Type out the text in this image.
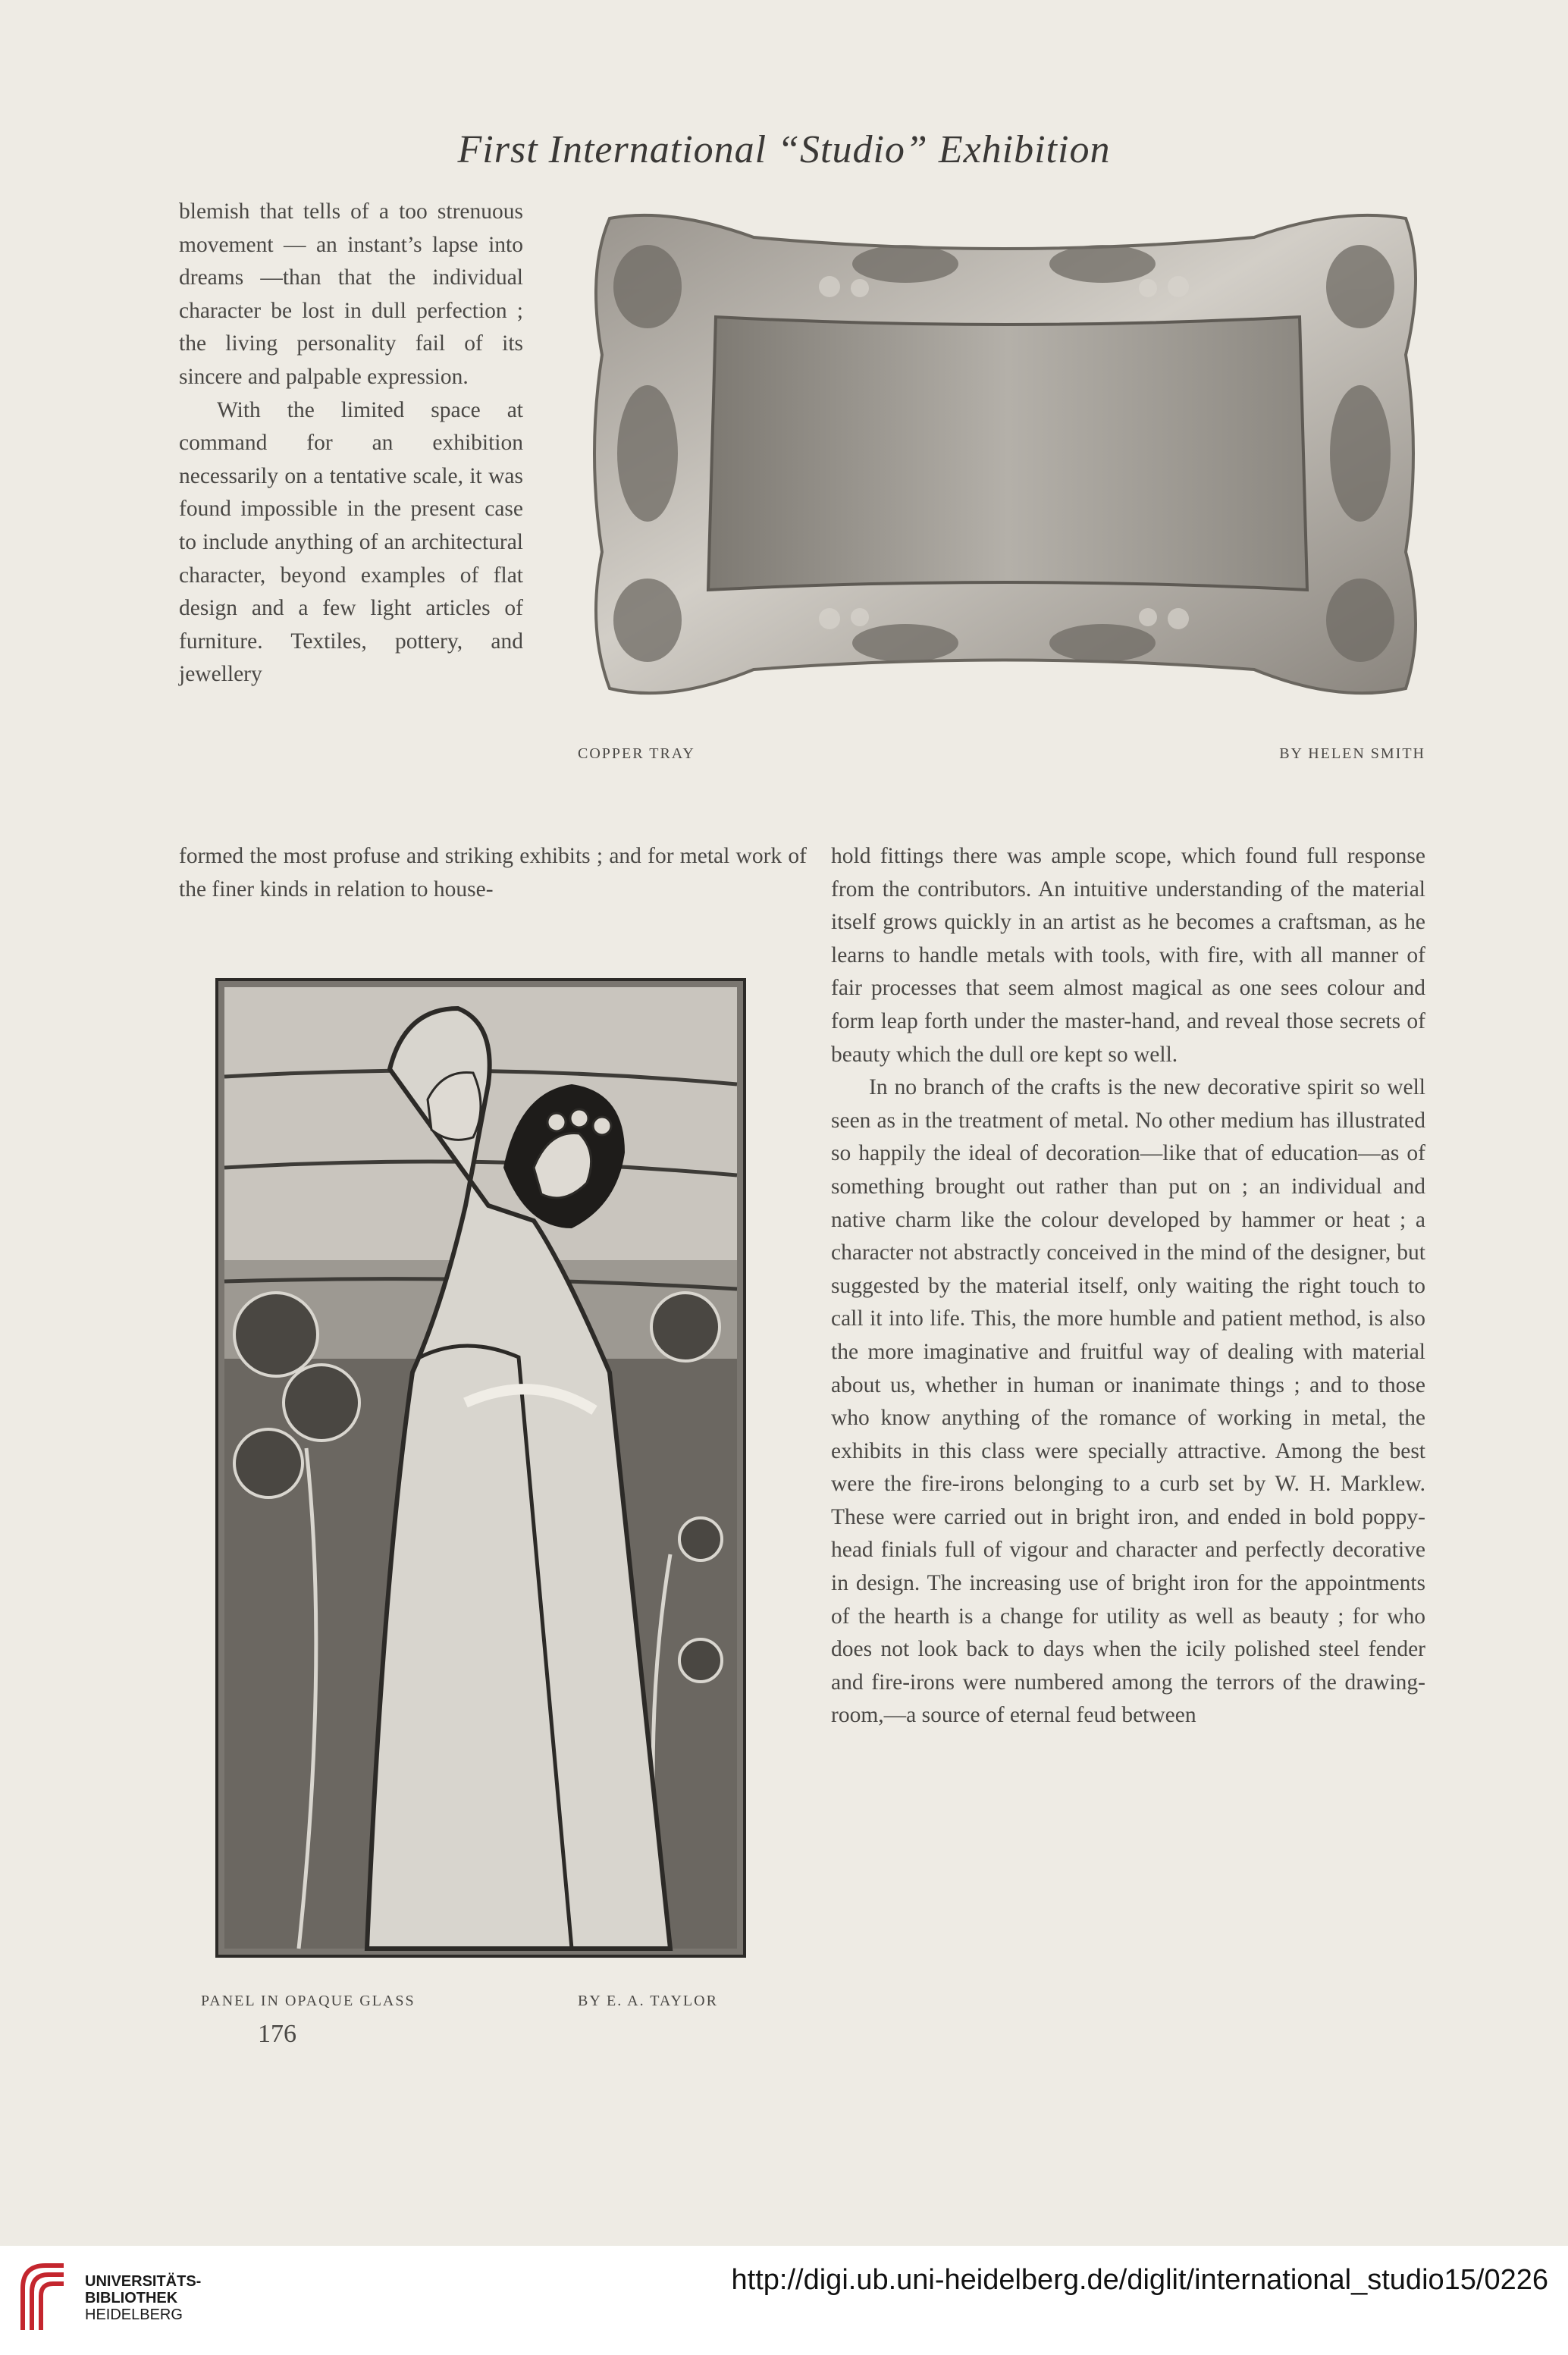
First International “Studio” Exhibition

blemish that tells of a too strenuous movement — an instant’s lapse into dreams —than that the individual character be lost in dull perfection ; the living personality fail of its sincere and palpable expression.

With the limited space at command for an exhibition necessarily on a tentative scale, it was found impossible in the present case to include anything of an architectural character, beyond examples of flat design and a few light articles of furniture. Textiles, pottery, and jewellery

COPPER TRAY	BY HELEN SMITH

formed the most profuse and striking exhibits ; and for metal work of the finer kinds in relation to house-

PANEL IN OPAQUE GLASS	BY E. A. TAYLOR

hold fittings there was ample scope, which found full response from the contributors. An intuitive understanding of the material itself grows quickly in an artist as he becomes a craftsman, as he learns to handle metals with tools, with fire, with all manner of fair processes that seem almost magical as one sees colour and form leap forth under the master-hand, and reveal those secrets of beauty which the dull ore kept so well.

In no branch of the crafts is the new decorative spirit so well seen as in the treatment of metal. No other medium has illustrated so happily the ideal of decoration—like that of education—as of something brought out rather than put on ; an individual and native charm like the colour developed by hammer or heat ; a character not abstractly conceived in the mind of the designer, but suggested by the material itself, only waiting the right touch to call it into life. This, the more humble and patient method, is also the more imaginative and fruitful way of dealing with material about us, whether in human or inanimate things ; and to those who know anything of the romance of working in metal, the exhibits in this class were specially attractive. Among the best were the fire-irons belonging to a curb set by W. H. Marklew. These were carried out in bright iron, and ended in bold poppy-head finials full of vigour and character and perfectly decorative in design. The increasing use of bright iron for the appointments of the hearth is a change for utility as well as beauty ; for who does not look back to days when the icily polished steel fender and fire-irons were numbered among the terrors of the drawing-room,—a source of eternal feud between

176
UNIVERSITÄTS-
BIBLIOTHEK
HEIDELBERG
http://digi.ub.uni-heidelberg.de/diglit/international_studio15/0226
